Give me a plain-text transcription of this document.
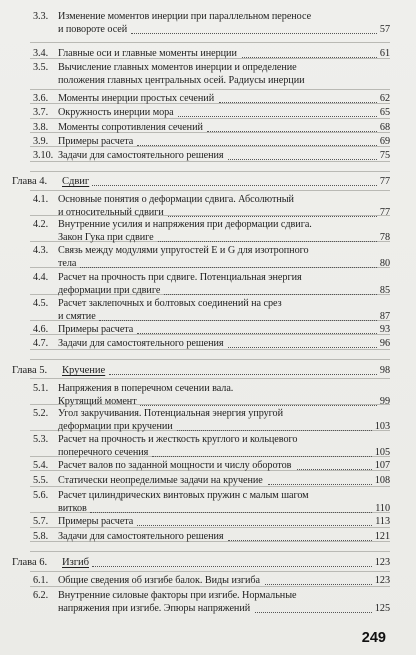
3.3. Изменение моментов инерции при параллельном переносе
и повороте осей	57
3.4. Главные оси и главные моменты инерции	61
3.5. Вычисление главных моментов инерции и определение
положения главных центральных осей. Радиусы инерции
3.6. Моменты инерции простых сечений	62
3.7. Окружность инерции мора	65
3.8. Моменты сопротивления сечений	68
3.9. Примеры расчета	69
3.10. Задачи для самостоятельного решения	75
Глава 4. Сдвиг	77
4.1. Основные понятия о деформации сдвига. Абсолютный
и относительный сдвиги	77
4.2. Внутренние усилия и напряжения при деформации сдвига.
Закон Гука при сдвиге	78
4.3. Связь между модулями упругостей E и G для изотропного
тела	80
4.4. Расчет на прочность при сдвиге. Потенциальная энергия
деформации при сдвиге	85
4.5. Расчет заклепочных и болтовых соединений на срез
и смятие	87
4.6. Примеры расчета	93
4.7. Задачи для самостоятельного решения	96
Глава 5. Кручение	98
5.1. Напряжения в поперечном сечении вала.
Крутящий момент	99
5.2. Угол закручивания. Потенциальная энергия упругой
деформации при кручении	103
5.3. Расчет на прочность и жесткость круглого и кольцевого
поперечного сечения	105
5.4. Расчет валов по заданной мощности и числу оборотов	107
5.5. Статически неопределимые задачи на кручение	108
5.6. Расчет цилиндрических винтовых пружин с малым шагом
витков	110
5.7. Примеры расчета	113
5.8. Задачи для самостоятельного решения	121
Глава 6. Изгиб	123
6.1. Общие сведения об изгибе балок. Виды изгиба	123
6.2. Внутренние силовые факторы при изгибе. Нормальные
напряжения при изгибе. Эпюры напряжений	125
249
